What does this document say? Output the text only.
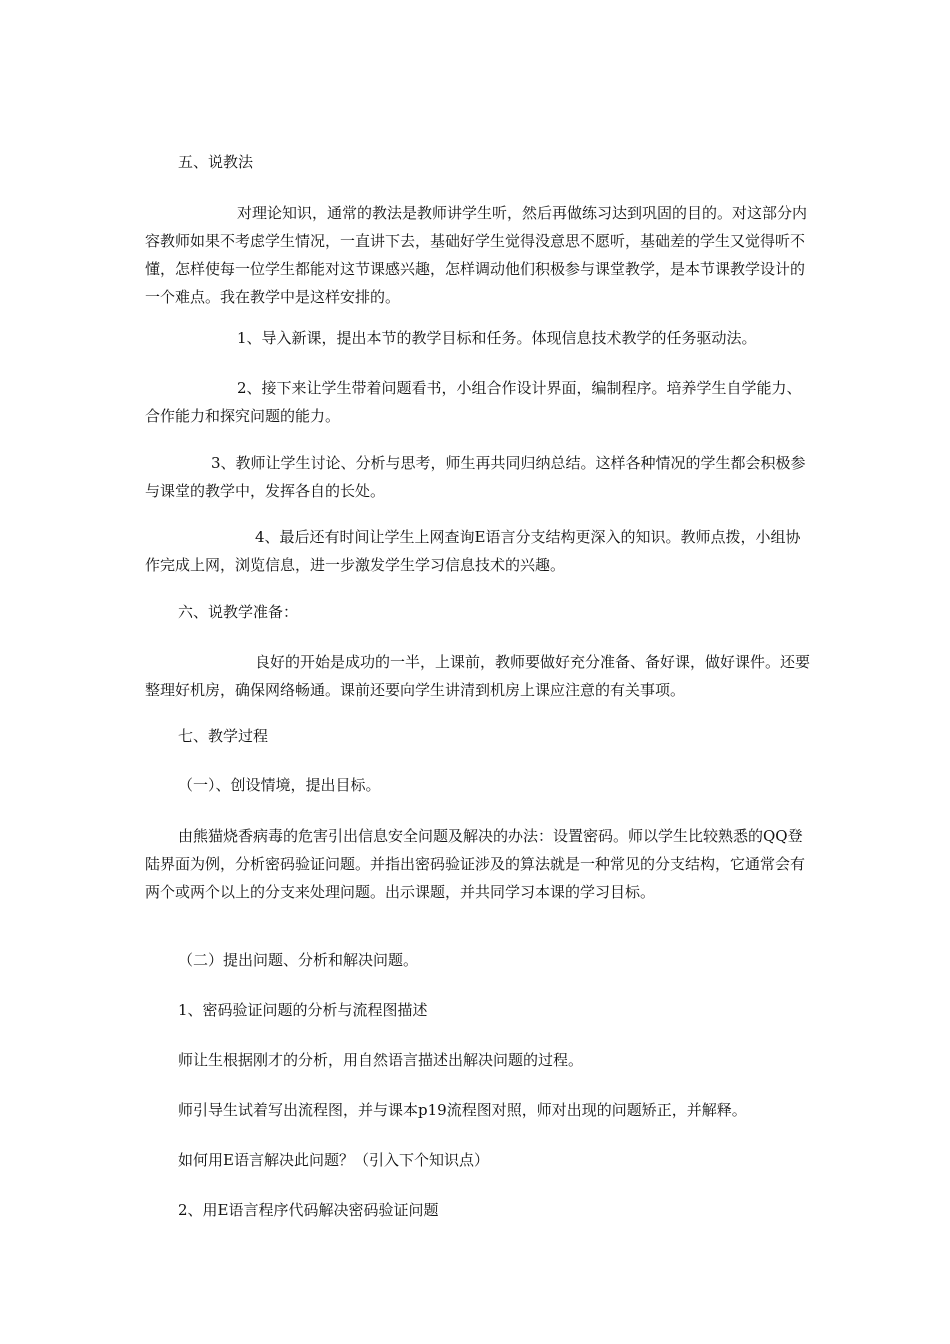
五、说教法

对理论知识，通常的教法是教师讲学生听，然后再做练习达到巩固的目的。对这部分内容教师如果不考虑学生情况，一直讲下去，基础好学生觉得没意思不愿听，基础差的学生又觉得听不懂，怎样使每一位学生都能对这节课感兴趣，怎样调动他们积极参与课堂教学，是本节课教学设计的一个难点。我在教学中是这样安排的。

1、导入新课，提出本节的教学目标和任务。体现信息技术教学的任务驱动法。

2、接下来让学生带着问题看书，小组合作设计界面，编制程序。培养学生自学能力、合作能力和探究问题的能力。

3、教师让学生讨论、分析与思考，师生再共同归纳总结。这样各种情况的学生都会积极参与课堂的教学中，发挥各自的长处。

4、最后还有时间让学生上网查询E语言分支结构更深入的知识。教师点拨，小组协作完成上网，浏览信息，进一步激发学生学习信息技术的兴趣。

六、说教学准备：

良好的开始是成功的一半，上课前，教师要做好充分准备、备好课，做好课件。还要整理好机房，确保网络畅通。课前还要向学生讲清到机房上课应注意的有关事项。

七、教学过程

（一）、创设情境，提出目标。

由熊猫烧香病毒的危害引出信息安全问题及解决的办法：设置密码。师以学生比较熟悉的QQ登陆界面为例，分析密码验证问题。并指出密码验证涉及的算法就是一种常见的分支结构，它通常会有两个或两个以上的分支来处理问题。出示课题，并共同学习本课的学习目标。

（二）提出问题、分析和解决问题。

1、密码验证问题的分析与流程图描述

师让生根据刚才的分析，用自然语言描述出解决问题的过程。

师引导生试着写出流程图，并与课本p19流程图对照，师对出现的问题矫正，并解释。

如何用E语言解决此问题？（引入下个知识点）

2、用E语言程序代码解决密码验证问题
